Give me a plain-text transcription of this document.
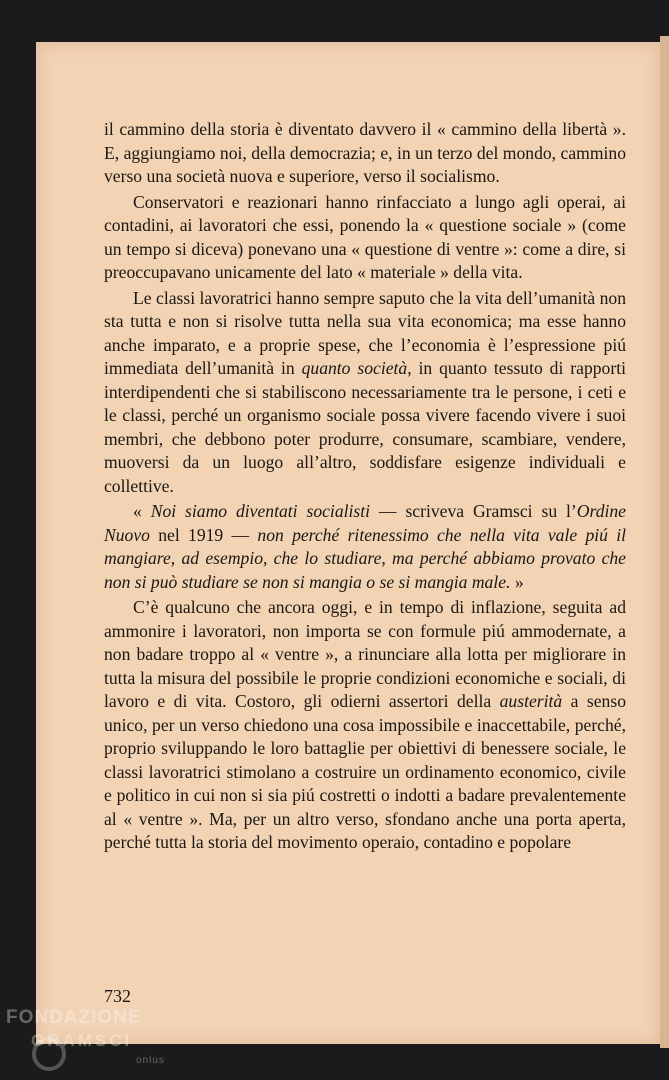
il cammino della storia è diventato davvero il « cammino della libertà ». E, aggiungiamo noi, della democrazia; e, in un terzo del mondo, cammino verso una società nuova e superiore, verso il socialismo.

Conservatori e reazionari hanno rinfacciato a lungo agli operai, ai contadini, ai lavoratori che essi, ponendo la « questione sociale » (come un tempo si diceva) ponevano una « questione di ventre »: come a dire, si preoccupavano unicamente del lato « materiale » della vita.

Le classi lavoratrici hanno sempre saputo che la vita dell’umanità non sta tutta e non si risolve tutta nella sua vita economica; ma esse hanno anche imparato, e a proprie spese, che l’economia è l’espressione piú immediata dell’umanità in quanto società, in quanto tessuto di rapporti interdipendenti che si stabiliscono necessariamente tra le persone, i ceti e le classi, perché un organismo sociale possa vivere facendo vivere i suoi membri, che debbono poter produrre, consumare, scambiare, vendere, muoversi da un luogo all’altro, soddisfare esigenze individuali e collettive.

« Noi siamo diventati socialisti — scriveva Gramsci su l’Ordine Nuovo nel 1919 — non perché ritenessimo che nella vita vale piú il mangiare, ad esempio, che lo studiare, ma perché abbiamo provato che non si può studiare se non si mangia o se si mangia male. »

C’è qualcuno che ancora oggi, e in tempo di inflazione, seguita ad ammonire i lavoratori, non importa se con formule piú ammodernate, a non badare troppo al « ventre », a rinunciare alla lotta per migliorare in tutta la misura del possibile le proprie condizioni economiche e sociali, di lavoro e di vita. Costoro, gli odierni assertori della austerità a senso unico, per un verso chiedono una cosa impossibile e inaccettabile, perché, proprio sviluppando le loro battaglie per obiettivi di benessere sociale, le classi lavoratrici stimolano a costruire un ordinamento economico, civile e politico in cui non si sia piú costretti o indotti a badare prevalentemente al « ventre ». Ma, per un altro verso, sfondano anche una porta aperta, perché tutta la storia del movimento operaio, contadino e popolare

732
FONDAZIONE
GRAMSCI
onlus
